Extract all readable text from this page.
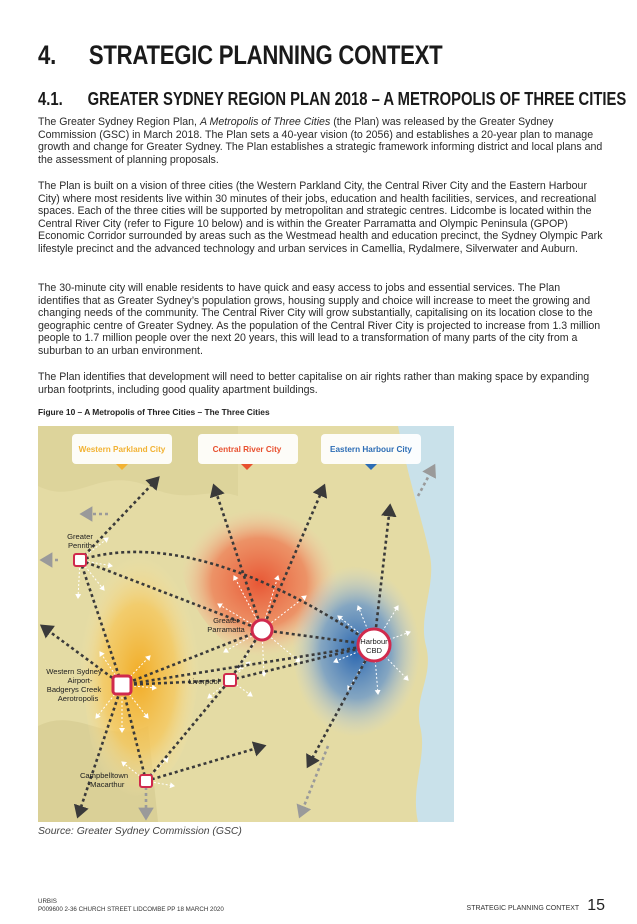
4.	STRATEGIC PLANNING CONTEXT
4.1.	GREATER SYDNEY REGION PLAN 2018 – A METROPOLIS OF THREE CITIES

The Greater Sydney Region Plan, A Metropolis of Three Cities (the Plan) was released by the Greater Sydney Commission (GSC) in March 2018. The Plan sets a 40-year vision (to 2056) and establishes a 20-year plan to manage growth and change for Greater Sydney. The Plan establishes a strategic framework informing district and local plans and the assessment of planning proposals.

The Plan is built on a vision of three cities (the Western Parkland City, the Central River City and the Eastern Harbour City) where most residents live within 30 minutes of their jobs, education and health facilities, services, and recreational spaces. Each of the three cities will be supported by metropolitan and strategic centres. Lidcombe is located within the Central River City (refer to Figure 10 below) and is within the Greater Parramatta and Olympic Peninsula (GPOP) Economic Corridor surrounded by areas such as the Westmead health and education precinct, the Sydney Olympic Park lifestyle precinct and the advanced technology and urban services in Camellia, Rydalmere, Silverwater and Auburn.

The 30-minute city will enable residents to have quick and easy access to jobs and essential services. The Plan identifies that as Greater Sydney’s population grows, housing supply and choice will increase to meet the growing and changing needs of the community. The Central River City will grow substantially, capitalising on its location close to the geographic centre of Greater Sydney. As the population of the Central River City is projected to increase from 1.3 million people to 1.7 million people over the next 20 years, this will lead to a transformation of many parts of the city from a suburban to an urban environment.

The Plan identifies that development will need to better capitalise on air rights rather than making space by expanding urban footprints, including good quality apartment buildings.

Figure 10 – A Metropolis of Three Cities – The Three Cities
Western Parkland City	Central River City	Eastern Harbour City
Greater
Penrith
Greater
Parramatta
Harbour
CBD
Western Sydney
Airport-
Badgerys Creek
Aerotropolis
Liverpool
Campbelltown
-Macarthur
Source: Greater Sydney Commission (GSC)
URBIS
P009600 2-36 CHURCH STREET LIDCOMBE PP 18 MARCH 2020	STRATEGIC PLANNING CONTEXT 15
